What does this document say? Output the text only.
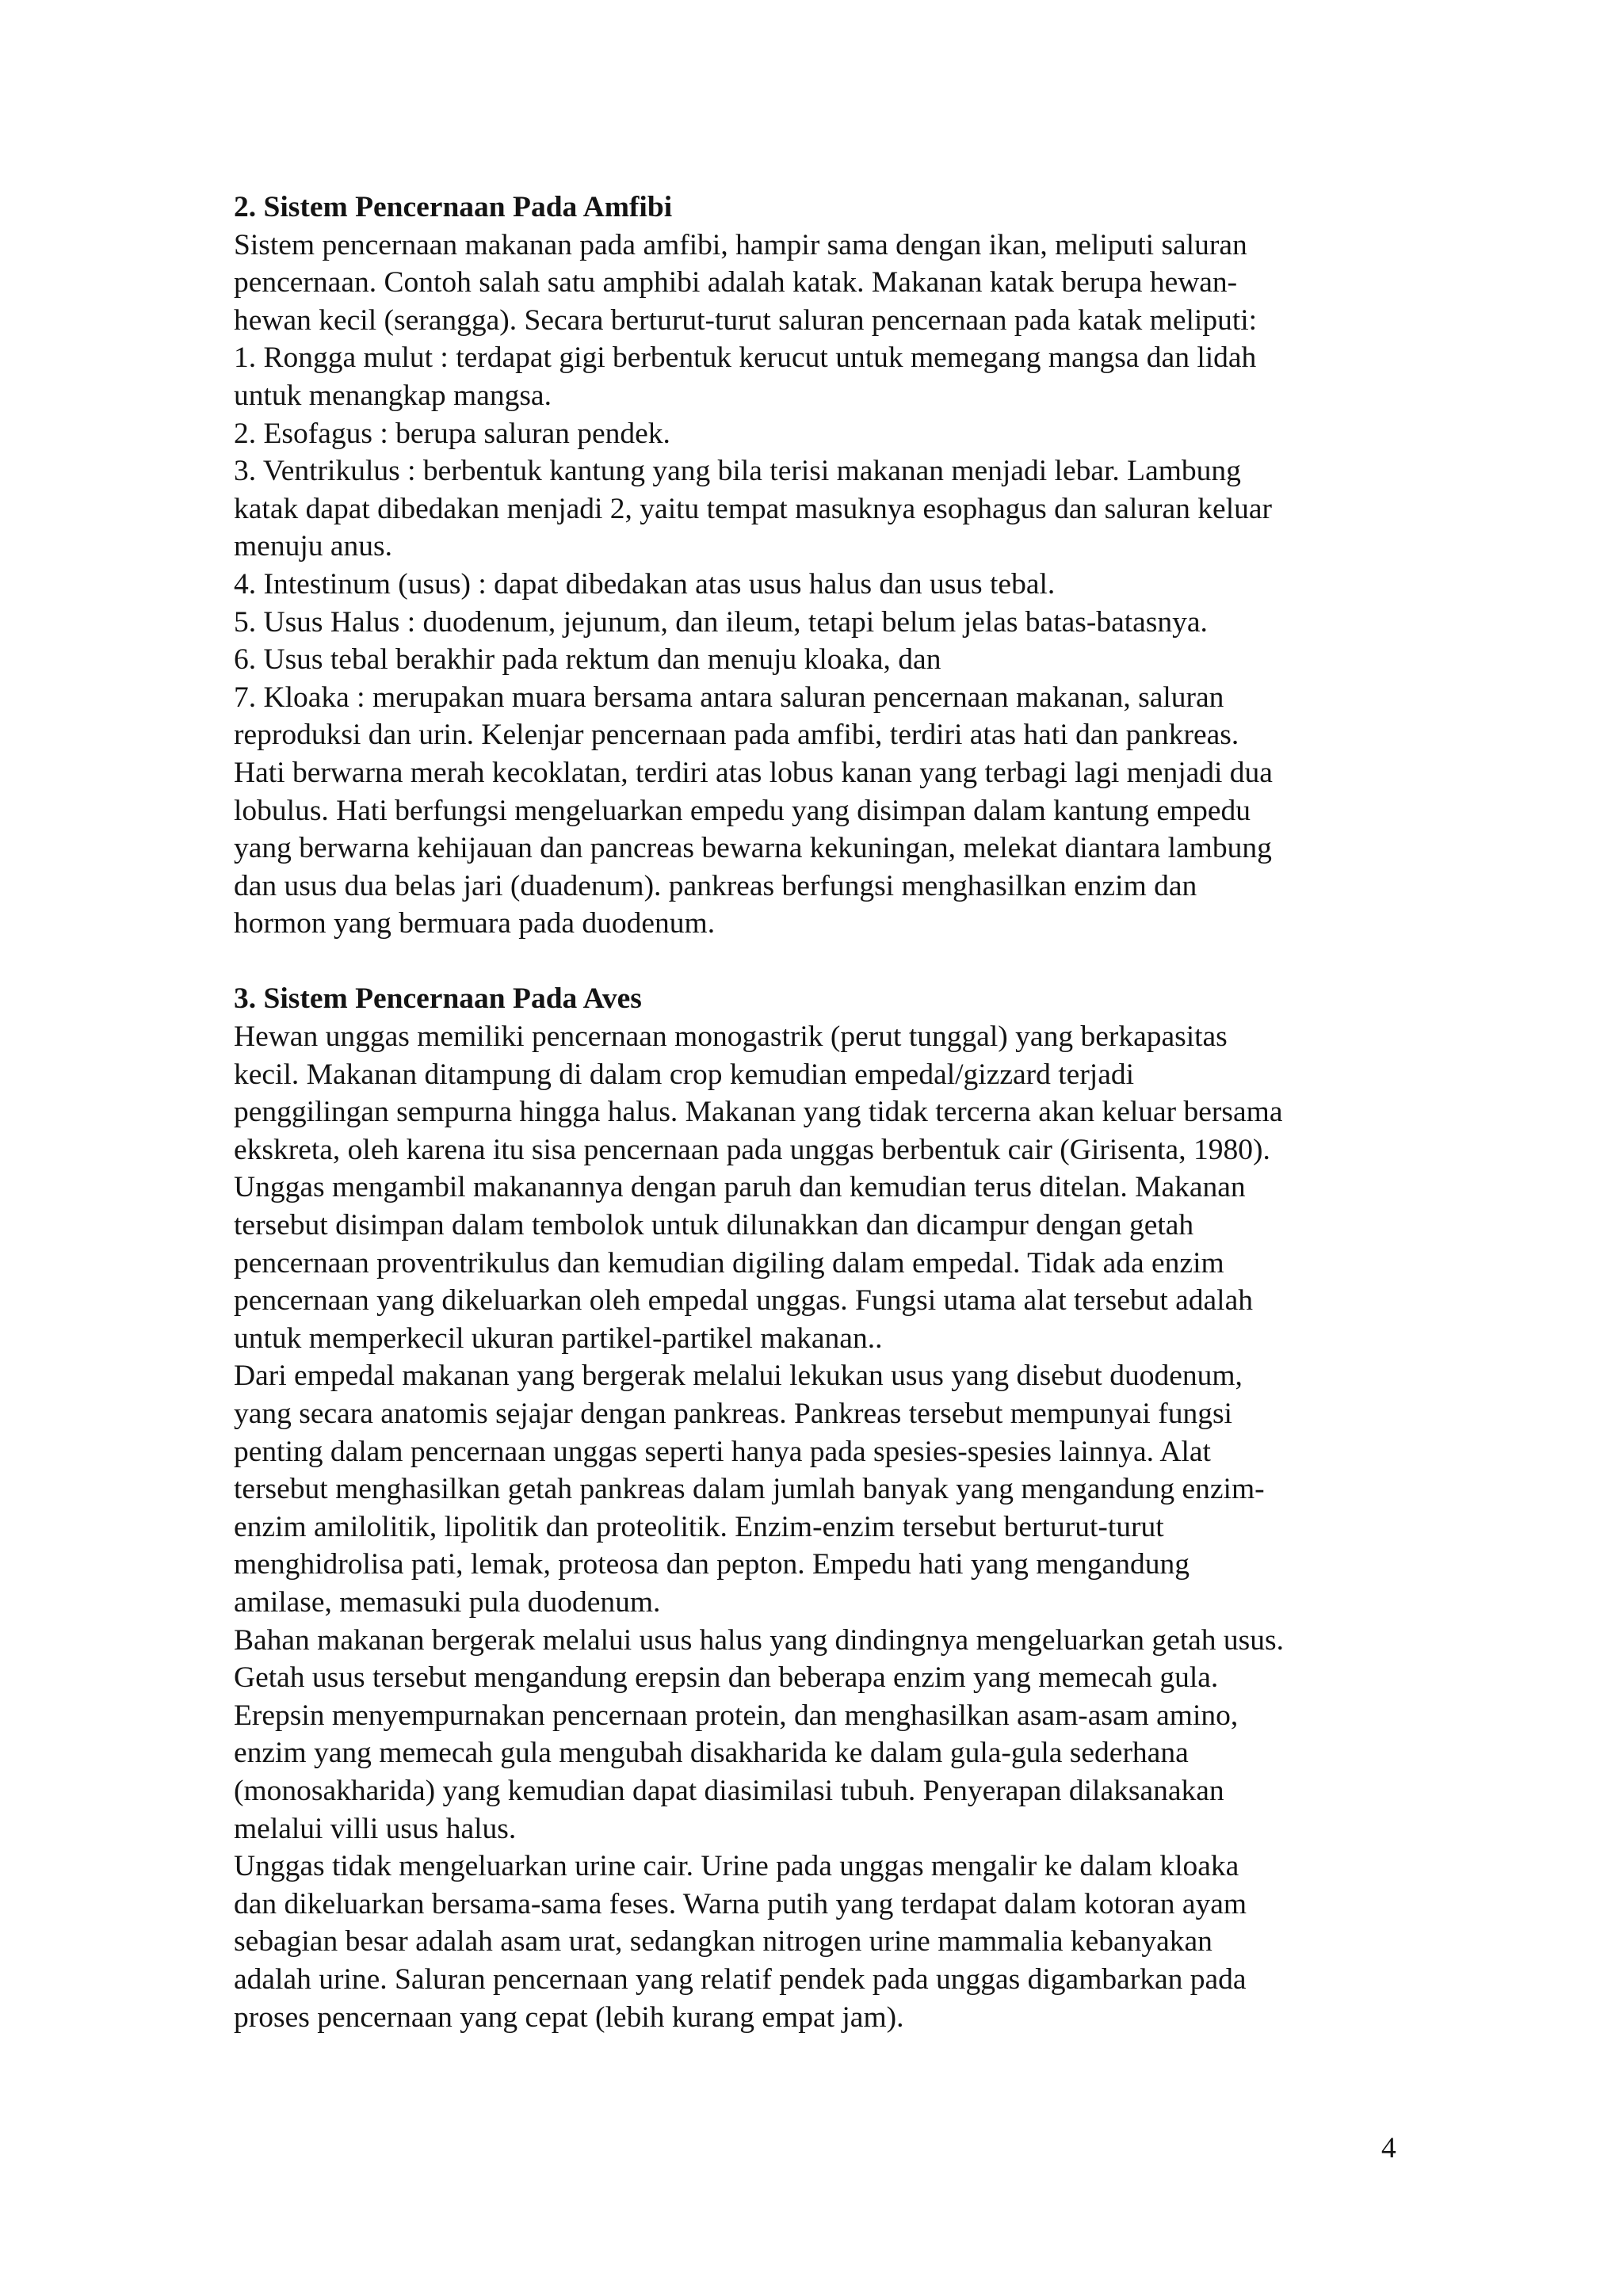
2. Sistem Pencernaan Pada Amfibi

Sistem pencernaan makanan pada amfibi, hampir sama dengan ikan, meliputi saluran

pencernaan. Contoh salah satu amphibi adalah katak. Makanan katak berupa hewan-

hewan kecil (serangga). Secara berturut-turut saluran pencernaan pada katak meliputi:

1. Rongga mulut : terdapat gigi berbentuk kerucut untuk memegang mangsa dan lidah

untuk menangkap mangsa.

2. Esofagus : berupa saluran pendek.

3. Ventrikulus : berbentuk kantung yang bila terisi makanan menjadi lebar. Lambung

katak dapat dibedakan menjadi 2, yaitu tempat masuknya esophagus dan saluran keluar

menuju anus.

4. Intestinum (usus) : dapat dibedakan atas usus halus dan usus tebal.

5. Usus Halus : duodenum, jejunum, dan ileum, tetapi belum jelas batas-batasnya.

6. Usus tebal berakhir pada rektum dan menuju kloaka, dan

7. Kloaka : merupakan muara bersama antara saluran pencernaan makanan, saluran

reproduksi dan urin. Kelenjar pencernaan pada amfibi, terdiri atas hati dan pankreas.

Hati berwarna merah kecoklatan, terdiri atas lobus kanan yang terbagi lagi menjadi dua

lobulus. Hati berfungsi mengeluarkan empedu yang disimpan dalam kantung empedu

yang berwarna kehijauan dan pancreas bewarna kekuningan, melekat diantara lambung

dan usus dua belas jari (duadenum). pankreas berfungsi menghasilkan enzim dan

hormon yang bermuara pada duodenum.

3. Sistem Pencernaan Pada Aves

Hewan unggas memiliki pencernaan monogastrik (perut tunggal) yang berkapasitas

kecil. Makanan ditampung di dalam crop kemudian empedal/gizzard terjadi

penggilingan sempurna hingga halus. Makanan yang tidak tercerna akan keluar bersama

ekskreta, oleh karena itu sisa pencernaan pada unggas berbentuk cair (Girisenta, 1980).

Unggas mengambil makanannya dengan paruh dan kemudian terus ditelan. Makanan

tersebut disimpan dalam tembolok untuk dilunakkan dan dicampur dengan getah

pencernaan proventrikulus dan kemudian digiling dalam empedal. Tidak ada enzim

pencernaan yang dikeluarkan oleh empedal unggas. Fungsi utama alat tersebut adalah

untuk memperkecil ukuran partikel-partikel makanan..

Dari empedal makanan yang bergerak melalui lekukan usus yang disebut duodenum,

yang secara anatomis sejajar dengan pankreas. Pankreas tersebut mempunyai fungsi

penting dalam pencernaan unggas seperti hanya pada spesies-spesies lainnya. Alat

tersebut menghasilkan getah pankreas dalam jumlah banyak yang mengandung enzim-

enzim amilolitik, lipolitik dan proteolitik. Enzim-enzim tersebut berturut-turut

menghidrolisa pati, lemak, proteosa dan pepton. Empedu hati yang mengandung

amilase, memasuki pula duodenum.

Bahan makanan bergerak melalui usus halus yang dindingnya mengeluarkan getah usus.

Getah usus tersebut mengandung erepsin dan beberapa enzim yang memecah gula.

Erepsin menyempurnakan pencernaan protein, dan menghasilkan asam-asam amino,

enzim yang memecah gula mengubah disakharida ke dalam gula-gula sederhana

(monosakharida) yang kemudian dapat diasimilasi tubuh. Penyerapan dilaksanakan

melalui villi usus halus.

Unggas tidak mengeluarkan urine cair. Urine pada unggas mengalir ke dalam kloaka

dan dikeluarkan bersama-sama feses. Warna putih yang terdapat dalam kotoran ayam

sebagian besar adalah asam urat, sedangkan nitrogen urine mammalia kebanyakan

adalah urine. Saluran pencernaan yang relatif pendek pada unggas digambarkan pada

proses pencernaan yang cepat (lebih kurang empat jam).

4
